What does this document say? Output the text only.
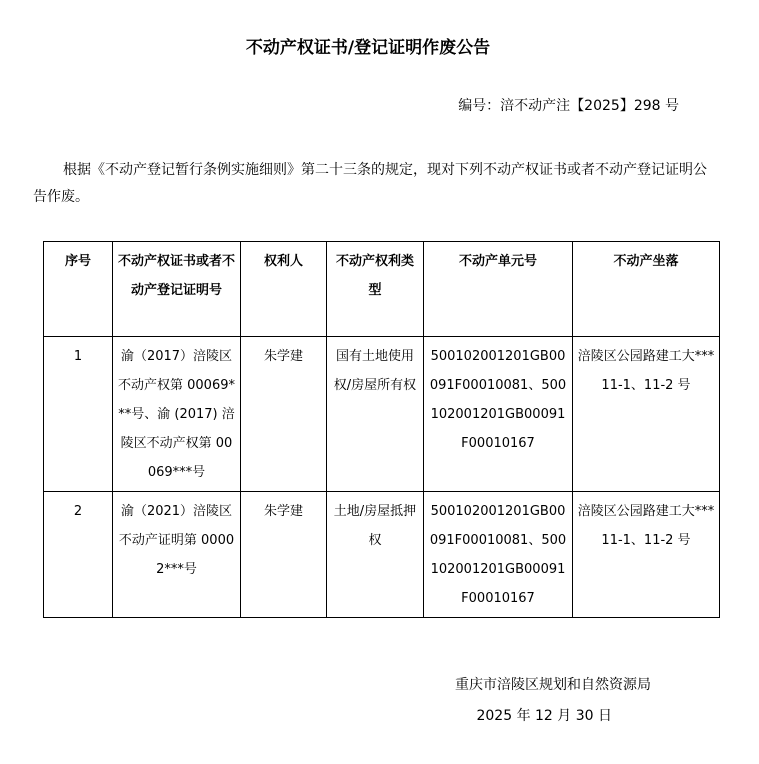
不动产权证书/登记证明作废公告
编号：涪不动产注【2025】298 号

根据《不动产登记暂行条例实施细则》第二十三条的规定，现对下列不动产权证书或者不动产登记证明公告作废。

序号	不动产权证书或者不动产登记证明号	权利人	不动产权利类型	不动产单元号	不动产坐落
1	渝（2017）涪陵区不动产权第 00069***号、渝 (2017) 涪陵区不动产权第 00069***号	朱学建	国有土地使用权/房屋所有权	500102001201GB00091F00010081、500102001201GB00091F00010167	涪陵区公园路建工大***11-1、11-2 号
2	渝（2021）涪陵区不动产证明第 00002***号	朱学建	土地/房屋抵押权	500102001201GB00091F00010081、500102001201GB00091F00010167	涪陵区公园路建工大***11-1、11-2 号
重庆市涪陵区规划和自然资源局
2025 年 12 月 30 日
